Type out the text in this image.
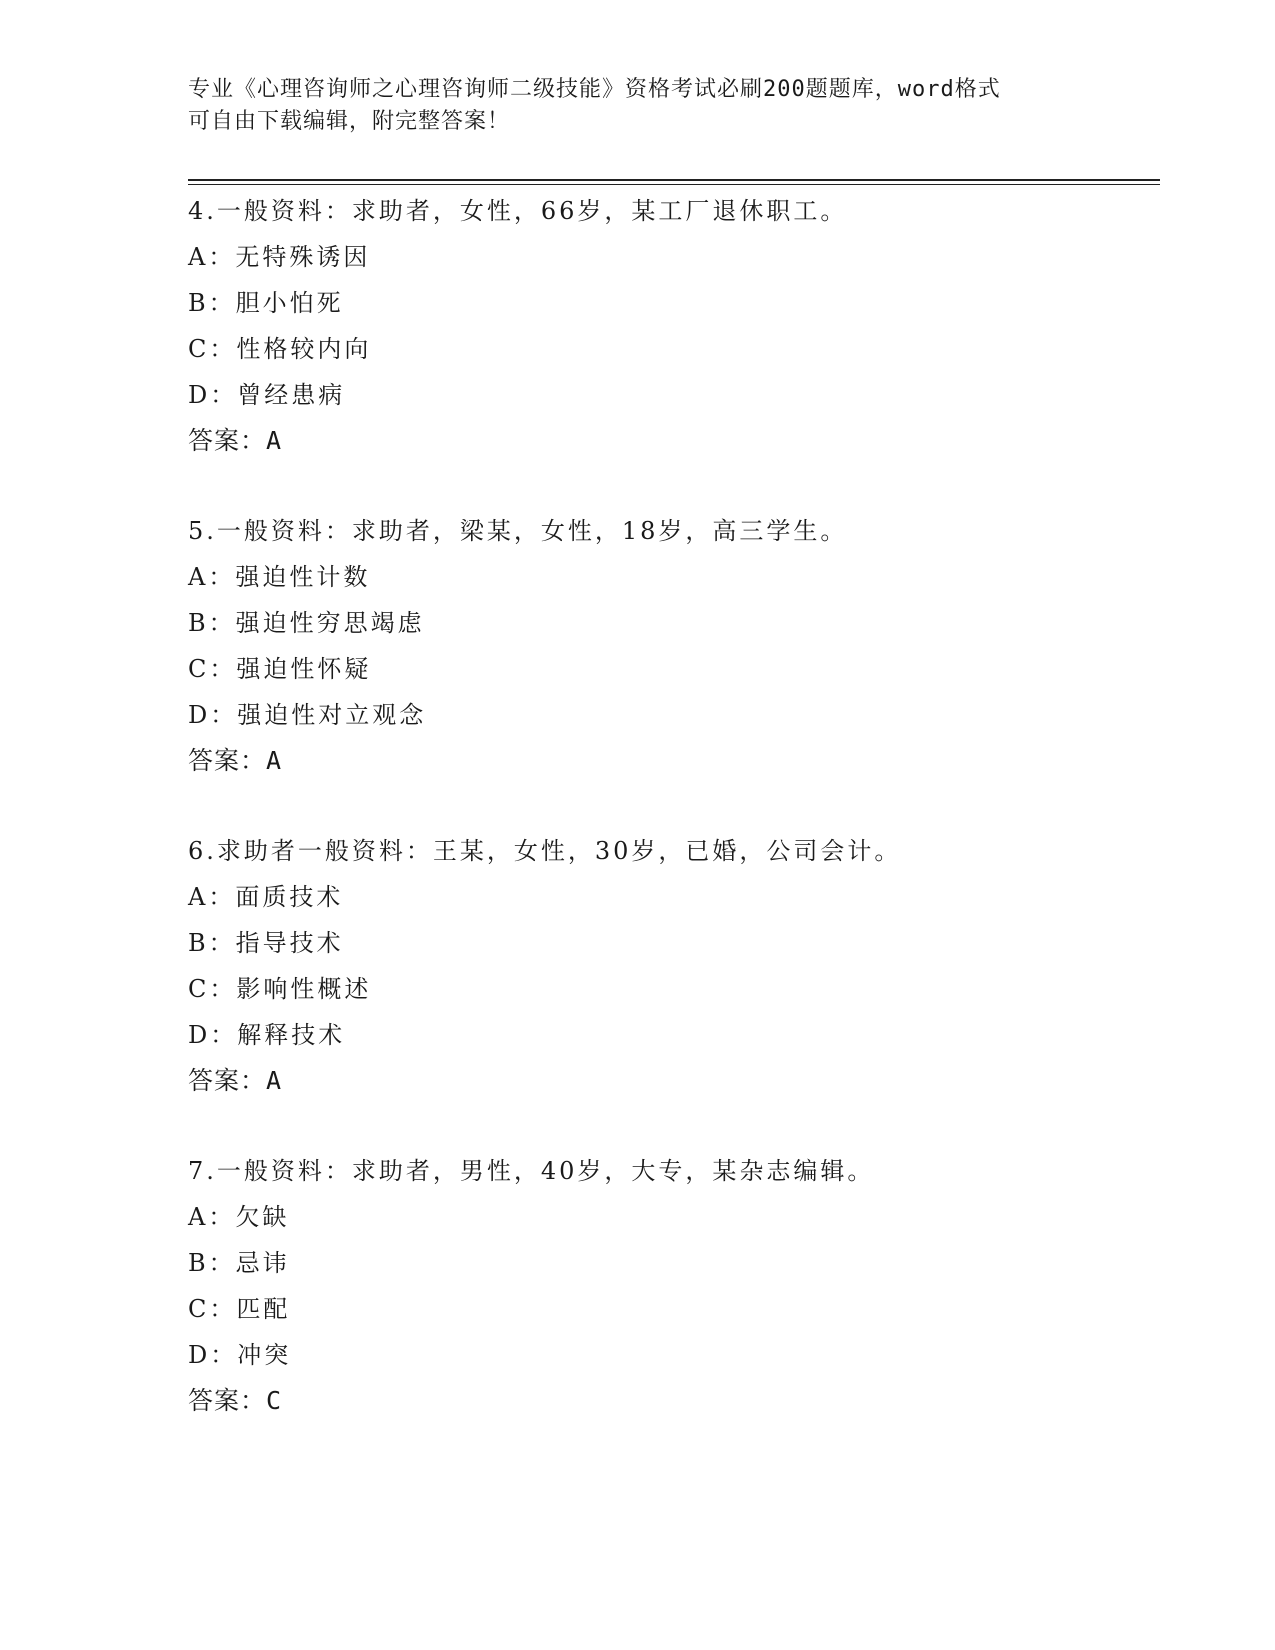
专业《心理咨询师之心理咨询师二级技能》资格考试必刷200题题库，word格式
可自由下载编辑，附完整答案！
4.一般资料：求助者，女性，66岁，某工厂退休职工。
A：无特殊诱因
B：胆小怕死
C：性格较内向
D：曾经患病
答案：A
5.一般资料：求助者，梁某，女性，18岁，高三学生。
A：强迫性计数
B：强迫性穷思竭虑
C：强迫性怀疑
D：强迫性对立观念
答案：A
6.求助者一般资料：王某，女性，30岁，已婚，公司会计。
A：面质技术
B：指导技术
C：影响性概述
D：解释技术
答案：A
7.一般资料：求助者，男性，40岁，大专，某杂志编辑。
A：欠缺
B：忌讳
C：匹配
D：冲突
答案：C
